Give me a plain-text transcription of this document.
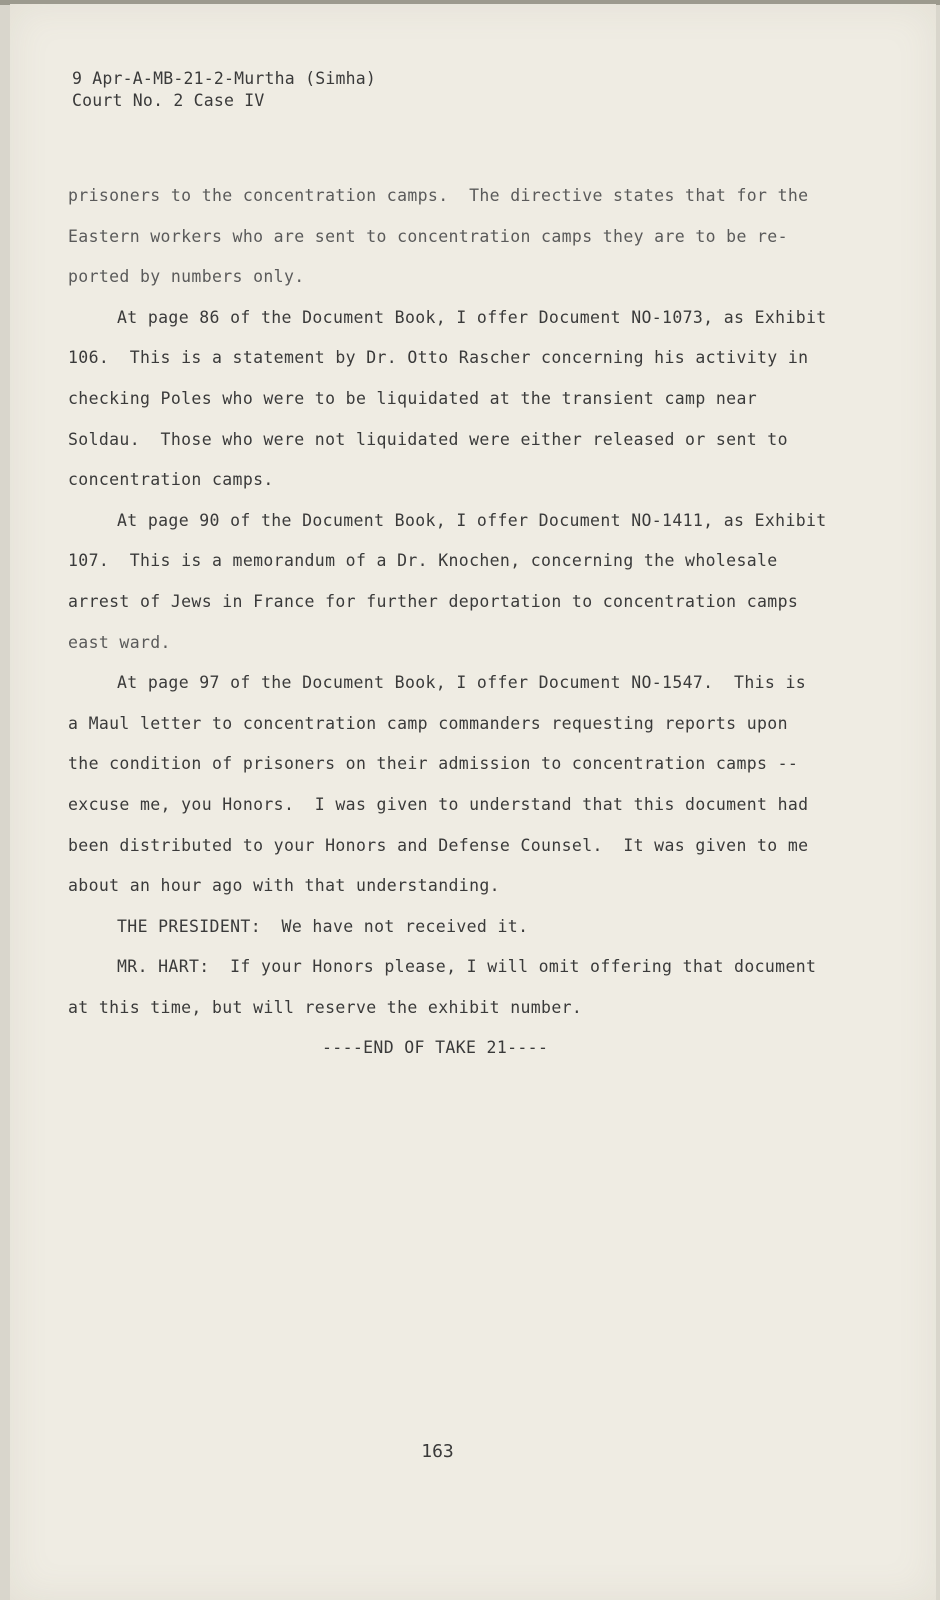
9 Apr-A-MB-21-2-Murtha (Simha)
Court No. 2 Case IV
prisoners to the concentration camps.  The directive states that for the
Eastern workers who are sent to concentration camps they are to be re-
ported by numbers only.
At page 86 of the Document Book, I offer Document NO-1073, as Exhibit
106.  This is a statement by Dr. Otto Rascher concerning his activity in
checking Poles who were to be liquidated at the transient camp near
Soldau.  Those who were not liquidated were either released or sent to
concentration camps.
At page 90 of the Document Book, I offer Document NO-1411, as Exhibit
107.  This is a memorandum of a Dr. Knochen, concerning the wholesale
arrest of Jews in France for further deportation to concentration camps
east ward.
At page 97 of the Document Book, I offer Document NO-1547.  This is
a Maul letter to concentration camp commanders requesting reports upon
the condition of prisoners on their admission to concentration camps --
excuse me, you Honors.  I was given to understand that this document had
been distributed to your Honors and Defense Counsel.  It was given to me
about an hour ago with that understanding.
THE PRESIDENT:  We have not received it.
MR. HART:  If your Honors please, I will omit offering that document
at this time, but will reserve the exhibit number.
----END OF TAKE 21----
163
